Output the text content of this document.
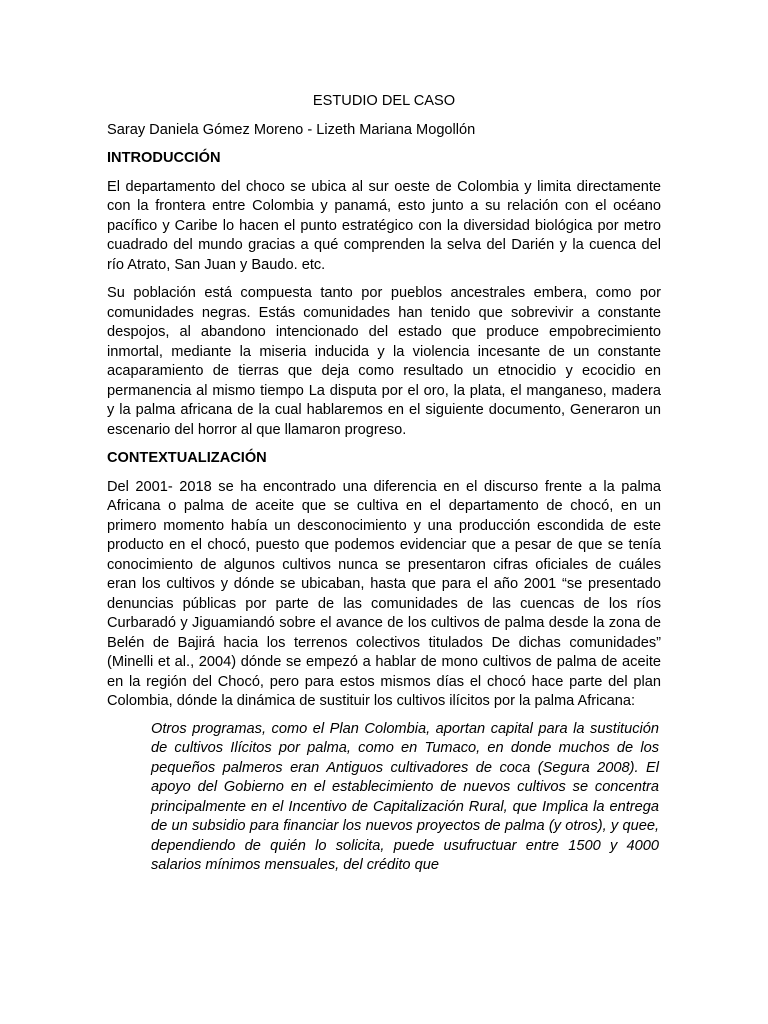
ESTUDIO DEL CASO

Saray Daniela Gómez Moreno - Lizeth Mariana Mogollón

INTRODUCCIÓN

El departamento del choco se ubica al sur oeste de Colombia y limita directamente con la frontera entre Colombia y panamá, esto junto a su relación con el océano pacífico y Caribe lo hacen el punto estratégico con la diversidad biológica por metro cuadrado del mundo gracias a qué comprenden la selva del Darién y la cuenca del río Atrato, San Juan y Baudo. etc.

Su población está compuesta tanto por pueblos ancestrales embera, como por comunidades negras. Estás comunidades han tenido que sobrevivir a constante despojos, al abandono intencionado del estado que produce empobrecimiento inmortal, mediante la miseria inducida y la violencia incesante de un constante acaparamiento de tierras que deja como resultado un etnocidio y ecocidio en permanencia al mismo tiempo La disputa por el oro, la plata, el manganeso, madera y la palma africana de la cual hablaremos en el siguiente documento, Generaron un escenario del horror al que llamaron progreso.

CONTEXTUALIZACIÓN

Del 2001- 2018 se ha encontrado una diferencia en el discurso frente a la palma Africana o palma de aceite que se cultiva en el departamento de chocó, en un primero momento había un desconocimiento y una producción escondida de este producto en el chocó, puesto que podemos evidenciar que a pesar de que se tenía conocimiento de algunos cultivos nunca se presentaron cifras oficiales de cuáles eran los cultivos y dónde se ubicaban, hasta que para el año 2001 “se presentado denuncias públicas por parte de las comunidades de las cuencas de los ríos Curbaradó y Jiguamiandó sobre el avance de los cultivos de palma desde la zona de Belén de Bajirá hacia los terrenos colectivos titulados De dichas comunidades” (Minelli et al., 2004) dónde se empezó a hablar de mono cultivos de palma de aceite en la región del Chocó, pero para estos mismos días el chocó hace parte del plan Colombia, dónde la dinámica de sustituir los cultivos ilícitos por la palma Africana:

Otros programas, como el Plan Colombia, aportan capital para la sustitución de cultivos Ilícitos por palma, como en Tumaco, en donde muchos de los pequeños palmeros eran Antiguos cultivadores de coca (Segura 2008). El apoyo del Gobierno en el establecimiento de nuevos cultivos se concentra principalmente en el Incentivo de Capitalización Rural, que Implica la entrega de un subsidio para financiar los nuevos proyectos de palma (y otros), y quee, dependiendo de quién lo solicita, puede usufructuar entre 1500 y 4000 salarios mínimos mensuales, del crédito que
